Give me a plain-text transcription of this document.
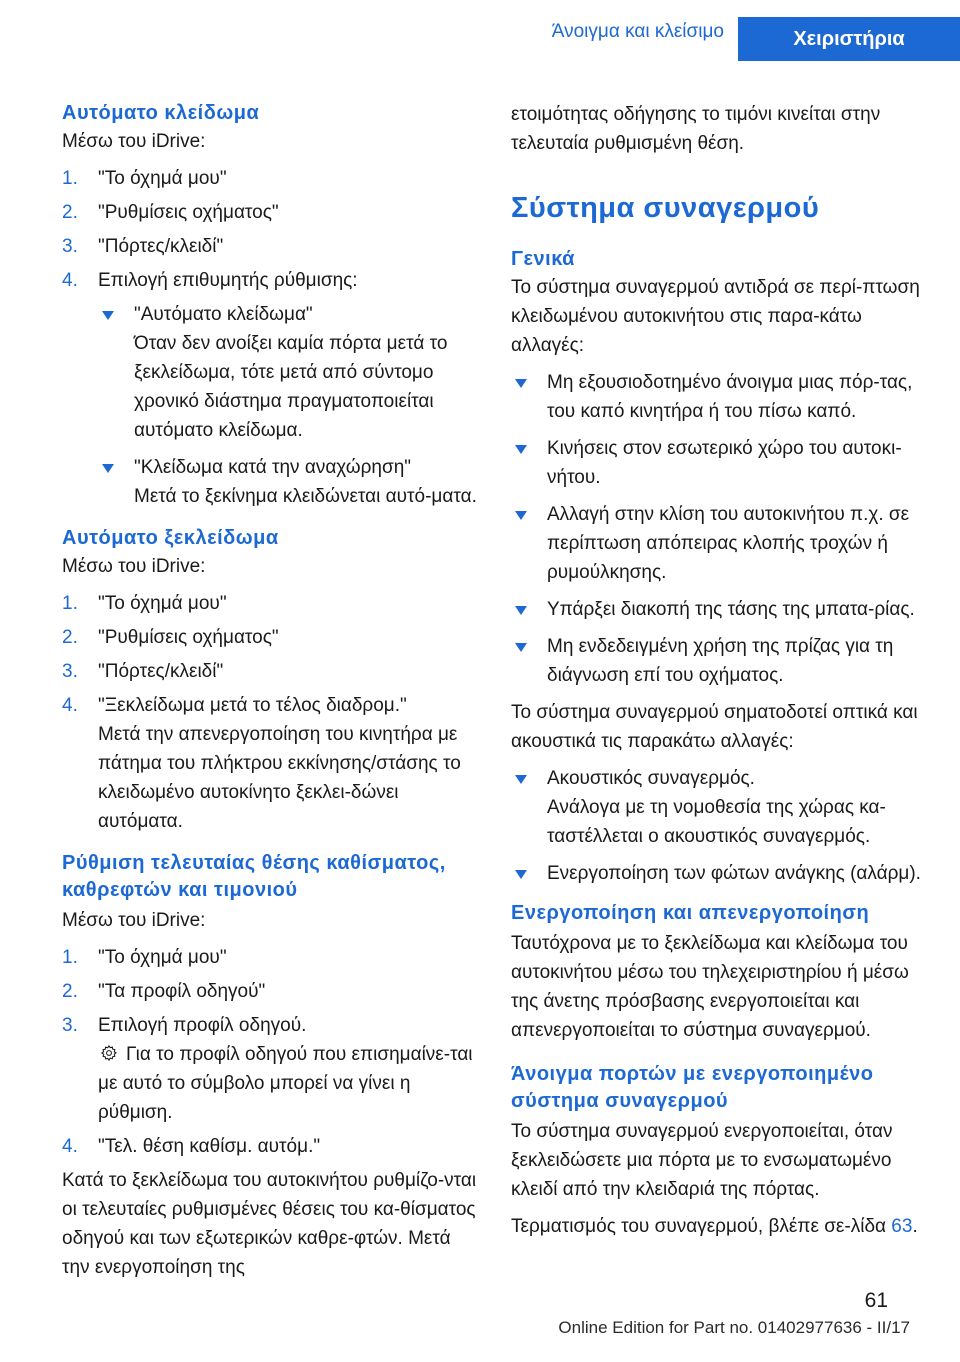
Άνοιγμα και κλείσιμο	Χειριστήρια

Αυτόματο κλείδωμα

Μέσω του iDrive:

1. "Το όχημά μου"
2. "Ρυθμίσεις οχήματος"
3. "Πόρτες/κλειδί"
4. Επιλογή επιθυμητής ρύθμισης:

"Αυτόματο κλείδωμα"

Όταν δεν ανοίξει καμία πόρτα μετά το ξεκλείδωμα, τότε μετά από σύντομο χρονικό διάστημα πραγματοποιείται αυτόματο κλείδωμα.

"Κλείδωμα κατά την αναχώρηση"

Μετά το ξεκίνημα κλειδώνεται αυτό-ματα.

Αυτόματο ξεκλείδωμα

Μέσω του iDrive:

1. "Το όχημά μου"
2. "Ρυθμίσεις οχήματος"
3. "Πόρτες/κλειδί"
4. "Ξεκλείδωμα μετά το τέλος διαδρομ."

Μετά την απενεργοποίηση του κινητήρα με πάτημα του πλήκτρου εκκίνησης/στάσης το κλειδωμένο αυτοκίνητο ξεκλει-δώνει αυτόματα.

Ρύθμιση τελευταίας θέσης καθίσματος, καθρεφτών και τιμονιού

Μέσω του iDrive:

1. "Το όχημά μου"
2. "Τα προφίλ οδηγού"
3. Επιλογή προφίλ οδηγού.

Για το προφίλ οδηγού που επισημαίνε-ται με αυτό το σύμβολο μπορεί να γίνει η ρύθμιση.

4. "Τελ. θέση καθίσμ. αυτόμ."

Κατά το ξεκλείδωμα του αυτοκινήτου ρυθμίζο-νται οι τελευταίες ρυθμισμένες θέσεις του κα-θίσματος οδηγού και των εξωτερικών καθρε-φτών. Μετά την ενεργοποίηση της

ετοιμότητας οδήγησης το τιμόνι κινείται στην τελευταία ρυθμισμένη θέση.

Σύστημα συναγερμού

Γενικά

Το σύστημα συναγερμού αντιδρά σε περί-πτωση κλειδωμένου αυτοκινήτου στις παρα-κάτω αλλαγές:

Μη εξουσιοδοτημένο άνοιγμα μιας πόρ-τας, του καπό κινητήρα ή του πίσω καπό.
Κινήσεις στον εσωτερικό χώρο του αυτοκι-νήτου.
Αλλαγή στην κλίση του αυτοκινήτου π.χ. σε περίπτωση απόπειρας κλοπής τροχών ή ρυμούλκησης.
Υπάρξει διακοπή της τάσης της μπατα-ρίας.
Μη ενδεδειγμένη χρήση της πρίζας για τη διάγνωση επί του οχήματος.

Το σύστημα συναγερμού σηματοδοτεί οπτικά και ακουστικά τις παρακάτω αλλαγές:

Ακουστικός συναγερμός.

Ανάλογα με τη νομοθεσία της χώρας κα-ταστέλλεται ο ακουστικός συναγερμός.

Ενεργοποίηση των φώτων ανάγκης (αλάρμ).

Ενεργοποίηση και απενεργοποίηση

Ταυτόχρονα με το ξεκλείδωμα και κλείδωμα του αυτοκινήτου μέσω του τηλεχειριστηρίου ή μέσω της άνετης πρόσβασης ενεργοποιείται και απενεργοποιείται το σύστημα συναγερμού.

Άνοιγμα πορτών με ενεργοποιημένο σύστημα συναγερμού

Το σύστημα συναγερμού ενεργοποιείται, όταν ξεκλειδώσετε μια πόρτα με το ενσωματωμένο κλειδί από την κλειδαριά της πόρτας.

Τερματισμός του συναγερμού, βλέπε σε-λίδα 63.

61
Online Edition for Part no. 01402977636 - II/17
